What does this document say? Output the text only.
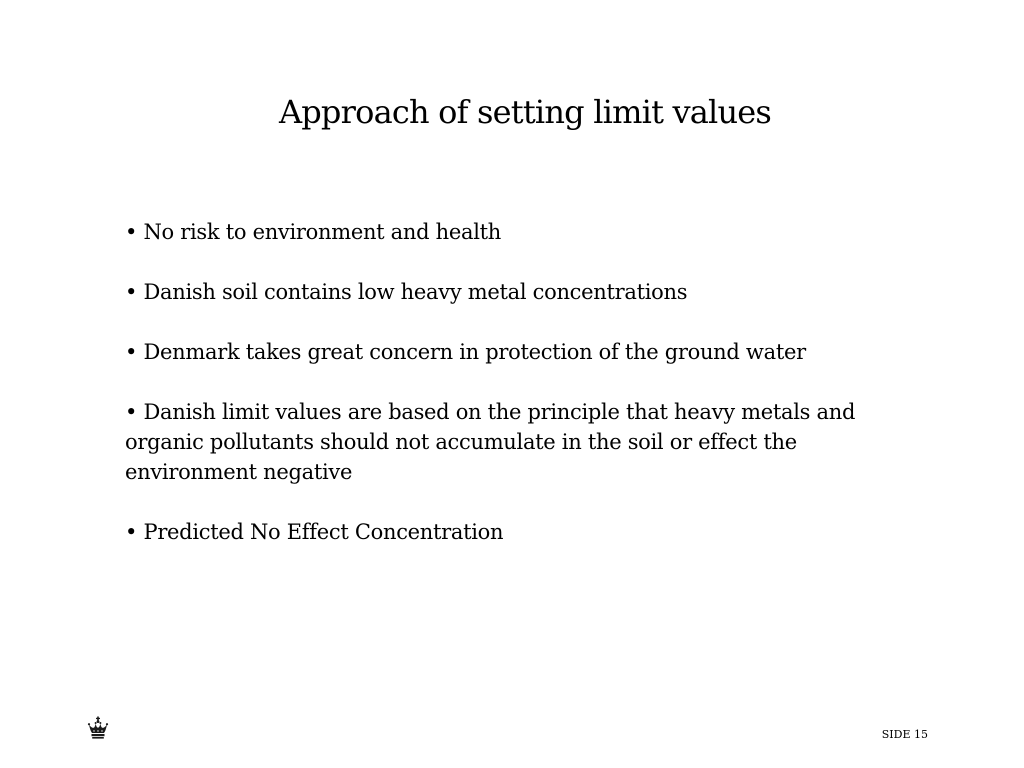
Approach of setting limit values
• No risk to environment and health
• Danish soil contains low heavy metal concentrations
• Denmark takes great concern in protection of the ground water
• Danish limit values are based on the principle that heavy metals and organic pollutants should not accumulate in the soil or effect the environment negative
• Predicted No Effect Concentration
SIDE 15
